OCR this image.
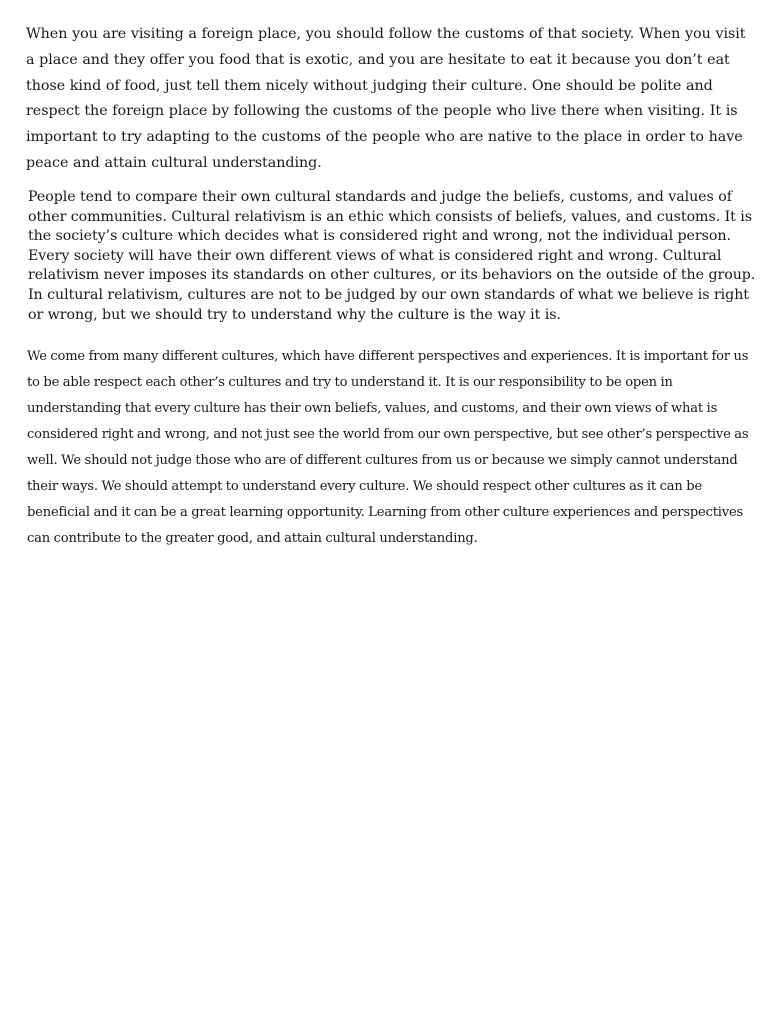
When you are visiting a foreign place, you should follow the customs of that society. When you visit a place and they offer you food that is exotic, and you are hesitate to eat it because you don’t eat those kind of food, just tell them nicely without judging their culture. One should be polite and respect the foreign place by following the customs of the people who live there when visiting. It is important to try adapting to the customs of the people who are native to the place in order to have peace and attain cultural understanding.

People tend to compare their own cultural standards and judge the beliefs, customs, and values of other communities. Cultural relativism is an ethic which consists of beliefs, values, and customs. It is the society’s culture which decides what is considered right and wrong, not the individual person. Every society will have their own different views of what is considered right and wrong. Cultural relativism never imposes its standards on other cultures, or its behaviors on the outside of the group. In cultural relativism, cultures are not to be judged by our own standards of what we believe is right or wrong, but we should try to understand why the culture is the way it is.

We come from many different cultures, which have different perspectives and experiences. It is important for us to be able respect each other’s cultures and try to understand it. It is our responsibility to be open in understanding that every culture has their own beliefs, values, and customs, and their own views of what is considered right and wrong, and not just see the world from our own perspective, but see other’s perspective as well. We should not judge those who are of different cultures from us or because we simply cannot understand their ways. We should attempt to understand every culture. We should respect other cultures as it can be beneficial and it can be a great learning opportunity. Learning from other culture experiences and perspectives can contribute to the greater good, and attain cultural understanding.
